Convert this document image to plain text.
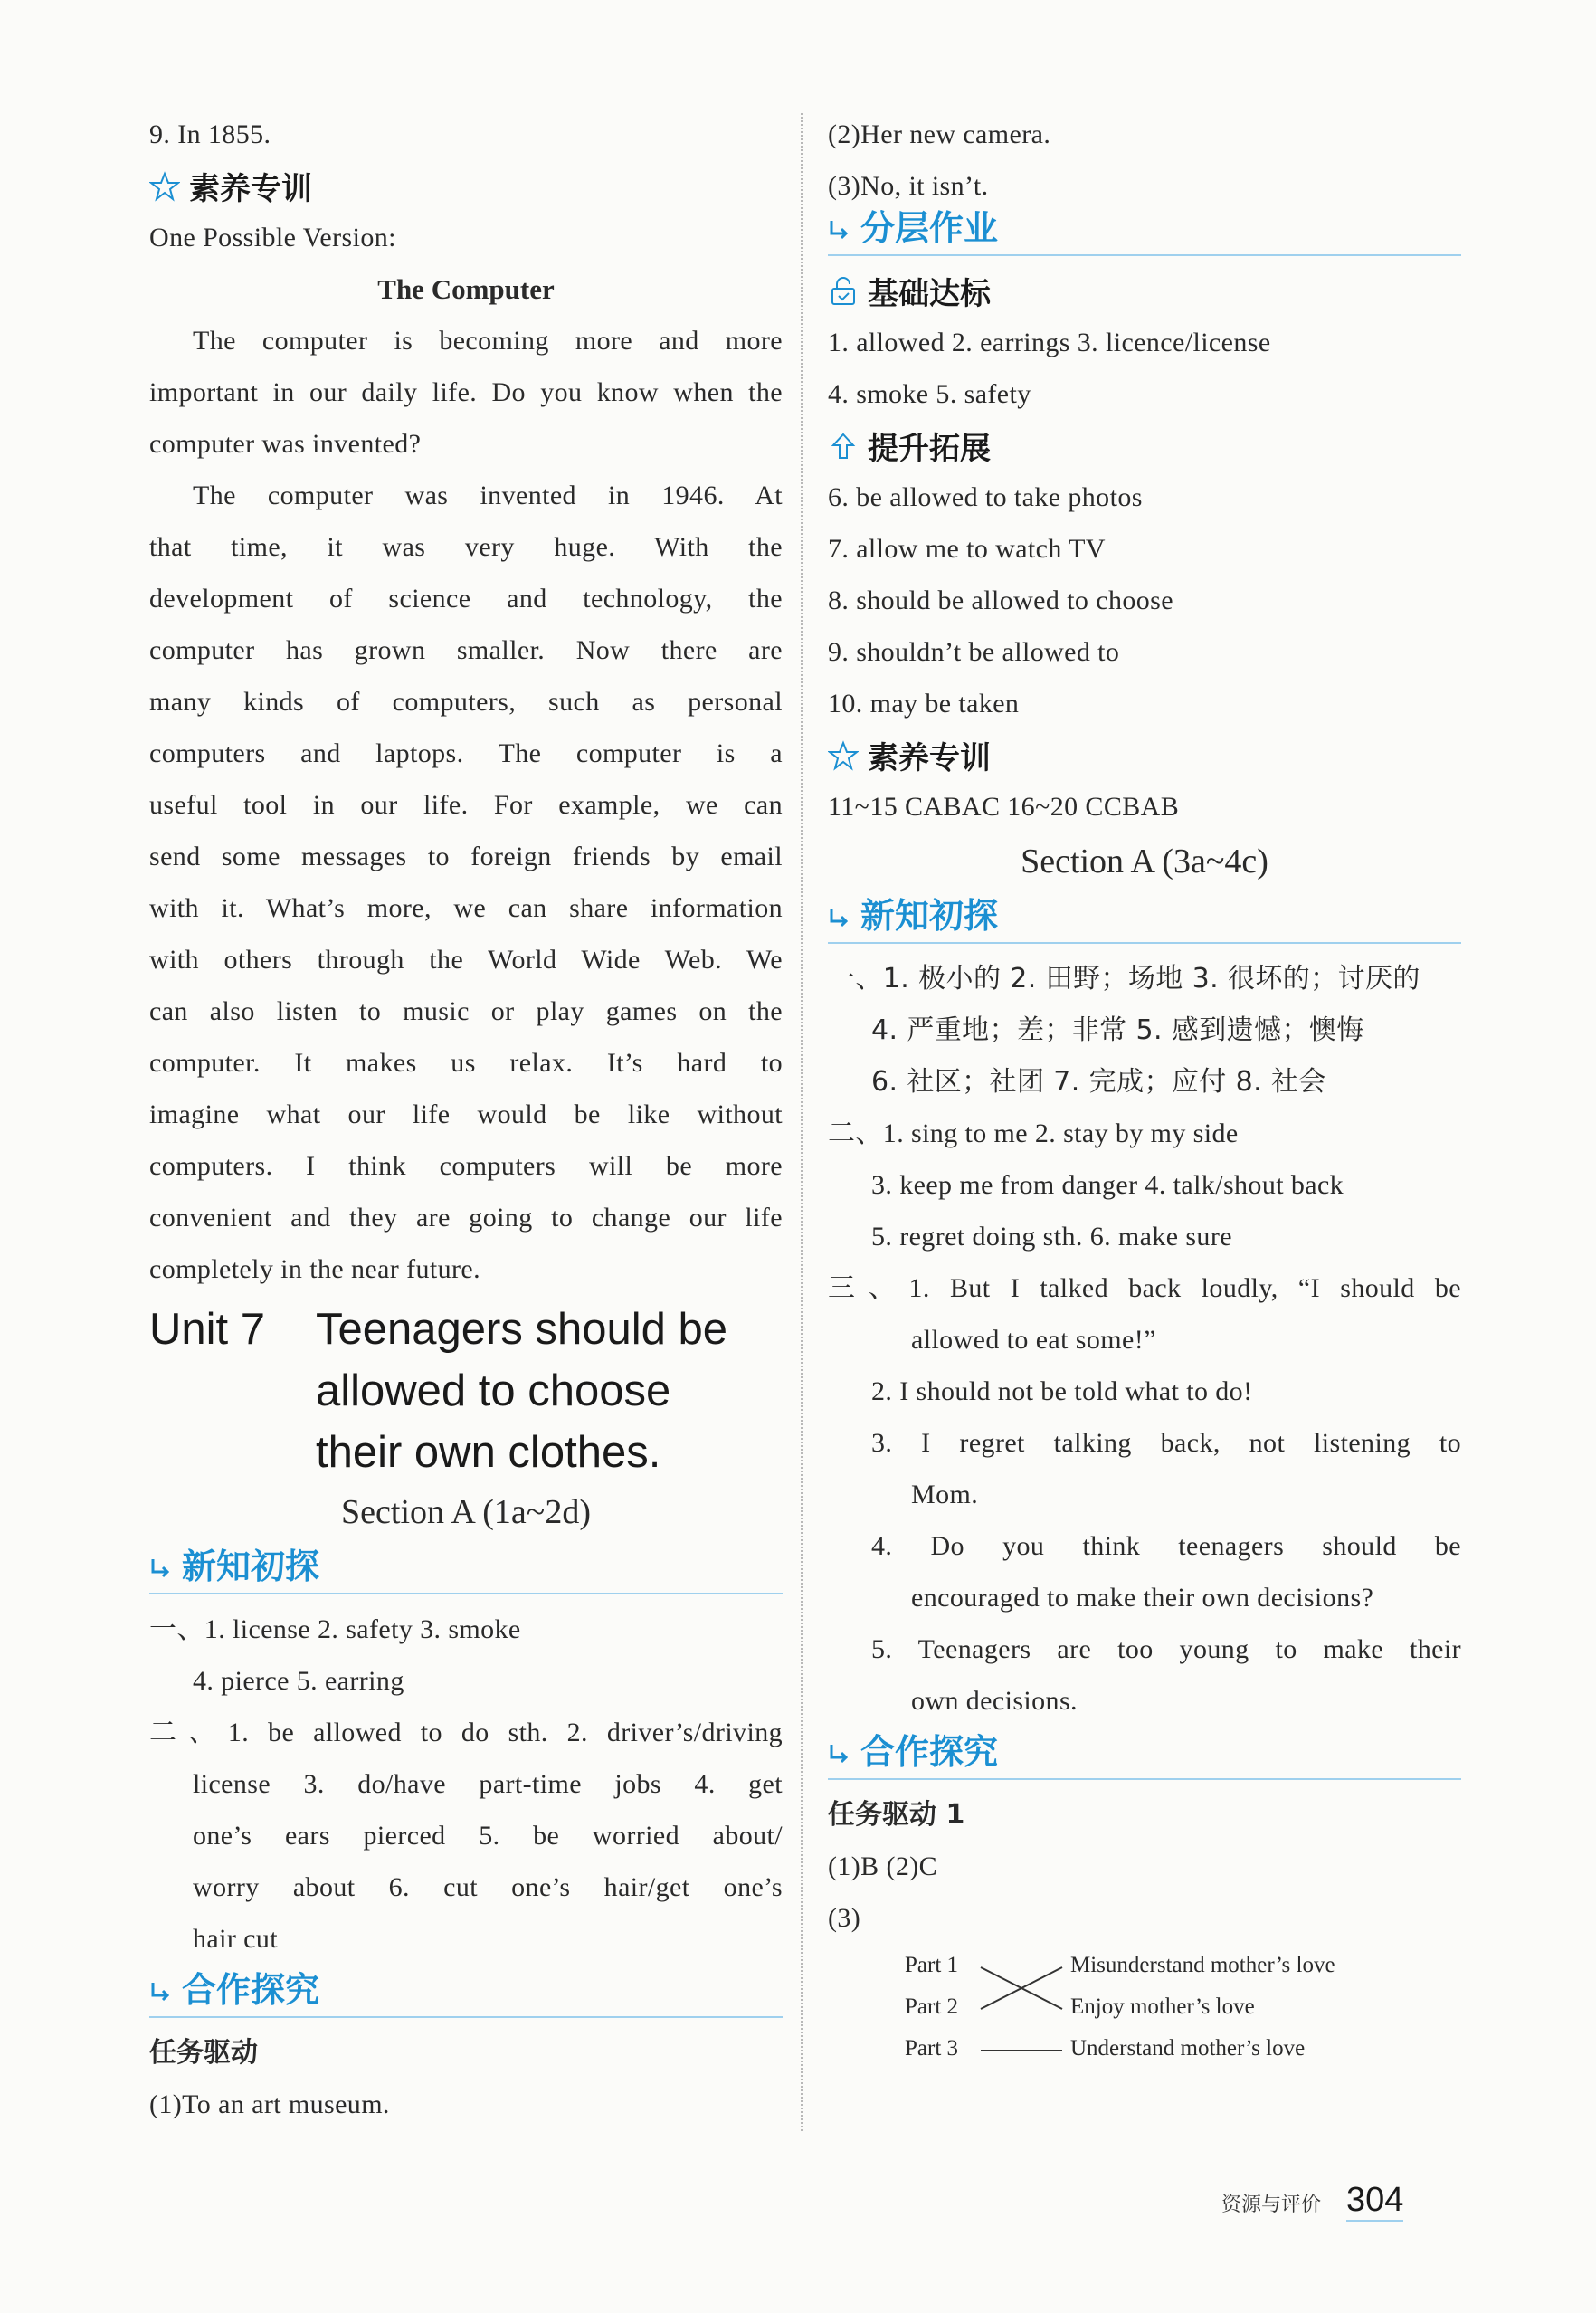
9. In 1855.
素养专训
One Possible Version:
The Computer
The computer is becoming more and more
important in our daily life. Do you know when the
computer was invented?
The computer was invented in 1946. At
that time, it was very huge. With the
development of science and technology, the
computer has grown smaller. Now there are
many kinds of computers, such as personal
computers and laptops. The computer is a
useful tool in our life. For example, we can
send some messages to foreign friends by email
with it. What’s more, we can share information
with others through the World Wide Web. We
can also listen to music or play games on the
computer. It makes us relax. It’s hard to
imagine what our life would be like without
computers. I think computers will be more
convenient and they are going to change our life
completely in the near future.
Unit 7	Teenagers should be
allowed to choose
their own clothes.
Section A (1a~2d)
新知初探
一、1. license 2. safety 3. smoke
4. pierce 5. earring
二、1. be allowed to do sth. 2. driver’s/driving
license 3. do/have part-time jobs 4. get
one’s ears pierced 5. be worried about/
worry about 6. cut one’s hair/get one’s
hair cut
合作探究
任务驱动
(1)To an art museum.
(2)Her new camera.
(3)No, it isn’t.
分层作业
基础达标
1. allowed 2. earrings 3. licence/license
4. smoke 5. safety
提升拓展
6. be allowed to take photos
7. allow me to watch TV
8. should be allowed to choose
9. shouldn’t be allowed to
10. may be taken
素养专训
11~15 CABAC 16~20 CCBAB
Section A (3a~4c)
新知初探
一、1. 极小的 2. 田野；场地 3. 很坏的；讨厌的
4. 严重地；差；非常 5. 感到遗憾；懊悔
6. 社区；社团 7. 完成；应付 8. 社会
二、1. sing to me 2. stay by my side
3. keep me from danger 4. talk/shout back
5. regret doing sth. 6. make sure
三、1. But I talked back loudly, “I should be
allowed to eat some!”
2. I should not be told what to do!
3. I regret talking back, not listening to
Mom.
4. Do you think teenagers should be
encouraged to make their own decisions?
5. Teenagers are too young to make their
own decisions.
合作探究
任务驱动 1
(1)B (2)C
(3)
Part 1
Part 2
Part 3
Misunderstand mother’s love
Enjoy mother’s love
Understand mother’s love
资源与评价 304
